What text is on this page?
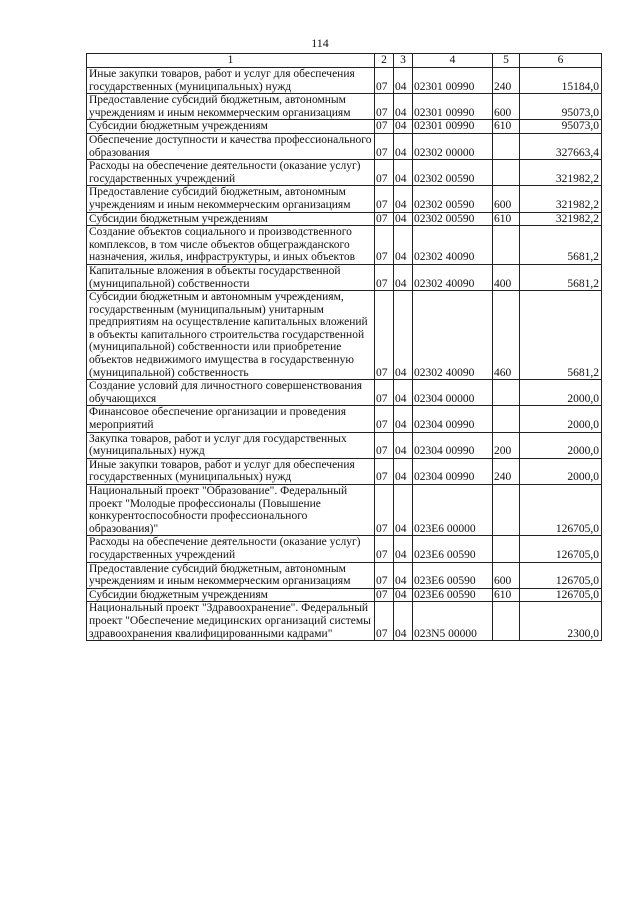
114
1	2	3	4	5	6
Иные закупки товаров, работ и услуг для обеспечения государственных (муниципальных) нужд	07	04	02301 00990	240	15184,0
Предоставление субсидий бюджетным, автономным учреждениям и иным некоммерческим организациям	07	04	02301 00990	600	95073,0
Субсидии бюджетным учреждениям	07	04	02301 00990	610	95073,0
Обеспечение доступности и качества профессионального образования	07	04	02302 00000		327663,4
Расходы на обеспечение деятельности (оказание услуг) государственных учреждений	07	04	02302 00590		321982,2
Предоставление субсидий бюджетным, автономным учреждениям и иным некоммерческим организациям	07	04	02302 00590	600	321982,2
Субсидии бюджетным учреждениям	07	04	02302 00590	610	321982,2
Создание объектов социального и производственного комплексов, в том числе объектов общегражданского назначения, жилья, инфраструктуры, и иных объектов	07	04	02302 40090		5681,2
Капитальные вложения в объекты государственной (муниципальной) собственности	07	04	02302 40090	400	5681,2
Субсидии бюджетным и автономным учреждениям, государственным (муниципальным) унитарным предприятиям на осуществление капитальных вложений в объекты капитального строительства государственной (муниципальной) собственности или приобретение объектов недвижимого имущества в государственную (муниципальной) собственность	07	04	02302 40090	460	5681,2
Создание условий для личностного совершенствования обучающихся	07	04	02304 00000		2000,0
Финансовое обеспечение организации и проведения мероприятий	07	04	02304 00990		2000,0
Закупка товаров, работ и услуг для государственных (муниципальных) нужд	07	04	02304 00990	200	2000,0
Иные закупки товаров, работ и услуг для обеспечения государственных (муниципальных) нужд	07	04	02304 00990	240	2000,0
Национальный проект "Образование". Федеральный проект "Молодые профессионалы (Повышение конкурентоспособности профессионального образования)"	07	04	023E6 00000		126705,0
Расходы на обеспечение деятельности (оказание услуг) государственных учреждений	07	04	023E6 00590		126705,0
Предоставление субсидий бюджетным, автономным учреждениям и иным некоммерческим организациям	07	04	023E6 00590	600	126705,0
Субсидии бюджетным учреждениям	07	04	023E6 00590	610	126705,0
Национальный проект "Здравоохранение". Федеральный проект "Обеспечение медицинских организаций системы здравоохранения квалифицированными кадрами"	07	04	023N5 00000		2300,0
